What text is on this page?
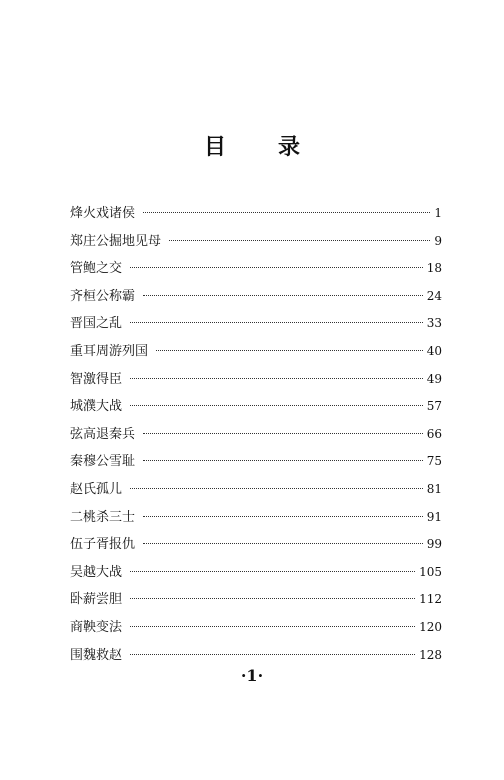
目 录
烽火戏诸侯	1
郑庄公掘地见母	9
管鲍之交	18
齐桓公称霸	24
晋国之乱	33
重耳周游列国	40
智激得臣	49
城濮大战	57
弦高退秦兵	66
秦穆公雪耻	75
赵氏孤儿	81
二桃杀三士	91
伍子胥报仇	99
吴越大战	105
卧薪尝胆	112
商鞅变法	120
围魏救赵	128
·1·
